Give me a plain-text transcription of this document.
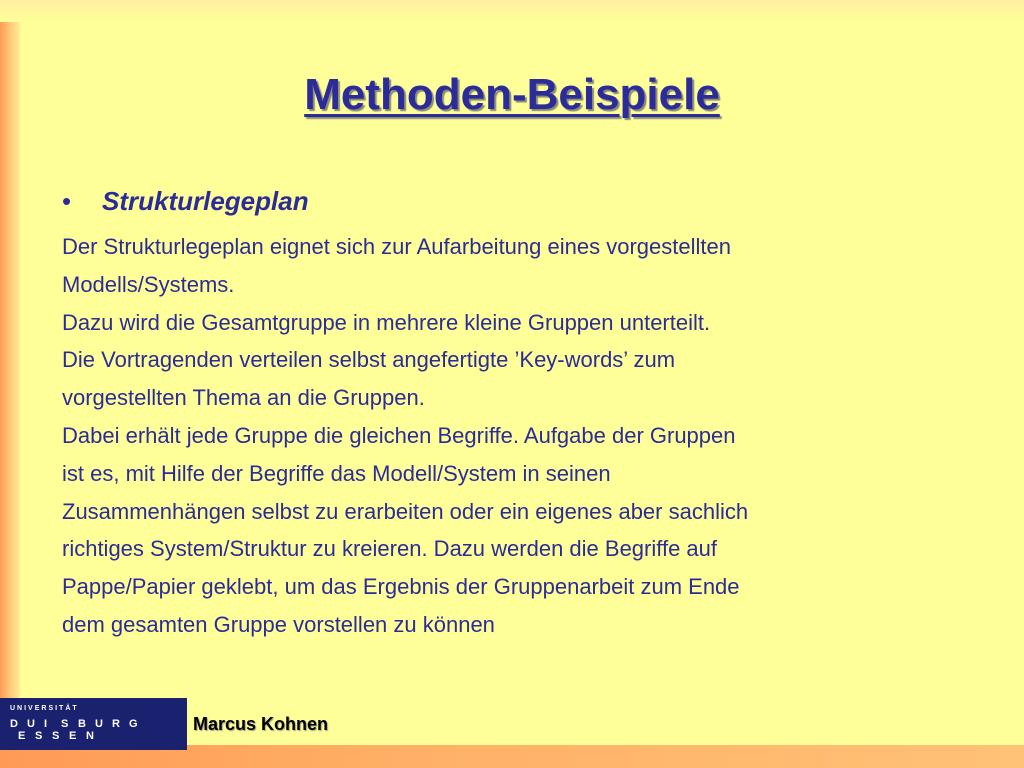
Methoden-Beispiele
• Strukturlegeplan
Der Strukturlegeplan eignet sich zur Aufarbeitung eines vorgestellten
Modells/Systems.
Dazu wird die Gesamtgruppe in mehrere kleine Gruppen unterteilt.
Die Vortragenden verteilen selbst angefertigte ’Key-words’ zum
vorgestellten Thema an die Gruppen.
Dabei erhält jede Gruppe die gleichen Begriffe. Aufgabe der Gruppen
ist es, mit Hilfe der Begriffe das Modell/System in seinen
Zusammenhängen selbst zu erarbeiten oder ein eigenes aber sachlich
richtiges System/Struktur zu kreieren. Dazu werden die Begriffe auf
Pappe/Papier geklebt, um das Ergebnis der Gruppenarbeit zum Ende
dem gesamten Gruppe vorstellen zu können
UNIVERSITÄT
D U I S B U R G
E S S E N
Marcus Kohnen
